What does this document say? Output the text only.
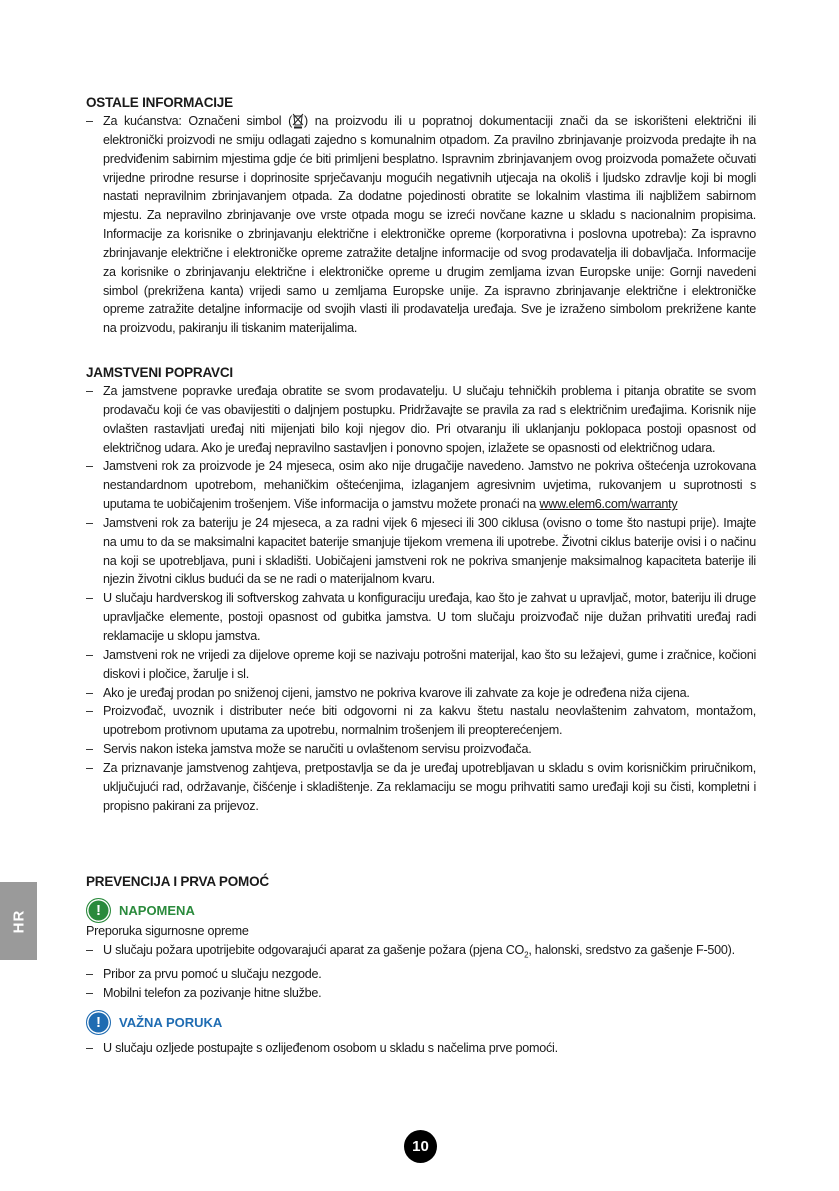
OSTALE INFORMACIJE
– Za kućanstva: Označeni simbol ( ) na proizvodu ili u popratnoj dokumentaciji znači da se iskorišteni električni ili elektronički proizvodi ne smiju odlagati zajedno s komunalnim otpadom. Za pravilno zbrinjavanje proizvoda predajte ih na predviđenim sabirnim mjestima gdje će biti primljeni besplatno. Ispravnim zbrinjavanjem ovog proizvoda pomažete očuvati vrijedne prirodne resurse i doprinosite sprječavanju mogućih negativnih utjecaja na okoliš i ljudsko zdravlje koji bi mogli nastati nepravilnim zbrinjavanjem otpada. Za dodatne pojedinosti obratite se lokalnim vlastima ili najbližem sabirnom mjestu. Za nepravilno zbrinjavanje ove vrste otpada mogu se izreći novčane kazne u skladu s nacionalnim propisima. Informacije za korisnike o zbrinjavanju električne i elektroničke opreme (korporativna i poslovna upotreba): Za ispravno zbrinjavanje električne i elektroničke opreme zatražite detaljne informacije od svog prodavatelja ili dobavljača. Informacije za korisnike o zbrinjavanju električne i elektroničke opreme u drugim zemljama izvan Europske unije: Gornji navedeni simbol (prekrižena kanta) vrijedi samo u zemljama Europske unije. Za ispravno zbrinjavanje električne i elektroničke opreme zatražite detaljne informacije od svojih vlasti ili prodavatelja uređaja. Sve je izraženo simbolom prekrižene kante na proizvodu, pakiranju ili tiskanim materijalima.
JAMSTVENI POPRAVCI
– Za jamstvene popravke uređaja obratite se svom prodavatelju. U slučaju tehničkih problema i pitanja obratite se svom prodavaču koji će vas obavijestiti o daljnjem postupku. Pridržavajte se pravila za rad s električnim uređajima. Korisnik nije ovlašten rastavljati uređaj niti mijenjati bilo koji njegov dio. Pri otvaranju ili uklanjanju poklopaca postoji opasnost od električnog udara. Ako je uređaj nepravilno sastavljen i ponovno spojen, izlažete se opasnosti od električnog udara.
– Jamstveni rok za proizvode je 24 mjeseca, osim ako nije drugačije navedeno. Jamstvo ne pokriva oštećenja uzrokovana nestandardnom upotrebom, mehaničkim oštećenjima, izlaganjem agresivnim uvjetima, rukovanjem u suprotnosti s uputama te uobičajenim trošenjem. Više informacija o jamstvu možete pronaći na www.elem6.com/warranty
– Jamstveni rok za bateriju je 24 mjeseca, a za radni vijek 6 mjeseci ili 300 ciklusa (ovisno o tome što nastupi prije). Imajte na umu to da se maksimalni kapacitet baterije smanjuje tijekom vremena ili upotrebe. Životni ciklus baterije ovisi i o načinu na koji se upotrebljava, puni i skladišti. Uobičajeni jamstveni rok ne pokriva smanjenje maksimalnog kapaciteta baterije ili njezin životni ciklus budući da se ne radi o materijalnom kvaru.
– U slučaju hardverskog ili softverskog zahvata u konfiguraciju uređaja, kao što je zahvat u upravljač, motor, bateriju ili druge upravljačke elemente, postoji opasnost od gubitka jamstva. U tom slučaju proizvođač nije dužan prihvatiti uređaj radi reklamacije u sklopu jamstva.
– Jamstveni rok ne vrijedi za dijelove opreme koji se nazivaju potrošni materijal, kao što su ležajevi, gume i zračnice, kočioni diskovi i pločice, žarulje i sl.
– Ako je uređaj prodan po sniženoj cijeni, jamstvo ne pokriva kvarove ili zahvate za koje je određena niža cijena.
– Proizvođač, uvoznik i distributer neće biti odgovorni ni za kakvu štetu nastalu neovlaštenim zahvatom, montažom, upotrebom protivnom uputama za upotrebu, normalnim trošenjem ili preopterećenjem.
– Servis nakon isteka jamstva može se naručiti u ovlaštenom servisu proizvođača.
– Za priznavanje jamstvenog zahtjeva, pretpostavlja se da je uređaj upotrebljavan u skladu s ovim korisničkim priručnikom, uključujući rad, održavanje, čišćenje i skladištenje. Za reklamaciju se mogu prihvatiti samo uređaji koji su čisti, kompletni i propisno pakirani za prijevoz.
PREVENCIJA I PRVA POMOĆ
!	NAPOMENA
Preporuka sigurnosne opreme
– U slučaju požara upotrijebite odgovarajući aparat za gašenje požara (pjena $CO_2$, halonski, sredstvo za gašenje F-500).
– Pribor za prvu pomoć u slučaju nezgode.
– Mobilni telefon za pozivanje hitne službe.
!	VAŽNA PORUKA
– U slučaju ozljede postupajte s ozlijeđenom osobom u skladu s načelima prve pomoći.
HR
10
